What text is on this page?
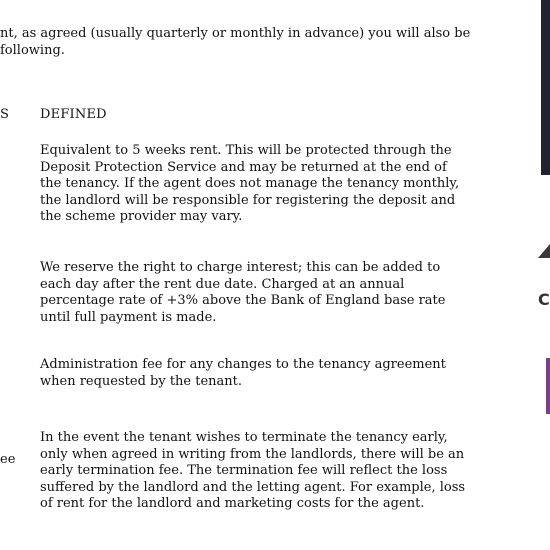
nt, as agreed (usually quarterly or monthly in advance) you will also be
following.
S DEFINED
Equivalent to 5 weeks rent. This will be protected through the Deposit Protection Service and may be returned at the end of the tenancy. If the agent does not manage the tenancy monthly, the landlord will be responsible for registering the deposit and the scheme provider may vary.
We reserve the right to charge interest; this can be added to each day after the rent due date. Charged at an annual percentage rate of +3% above the Bank of England base rate until full payment is made.
Administration fee for any changes to the tenancy agreement when requested by the tenant.
ee
In the event the tenant wishes to terminate the tenancy early, only when agreed in writing from the landlords, there will be an early termination fee. The termination fee will reflect the loss suffered by the landlord and the letting agent. For example, loss of rent for the landlord and marketing costs for the agent.
C
